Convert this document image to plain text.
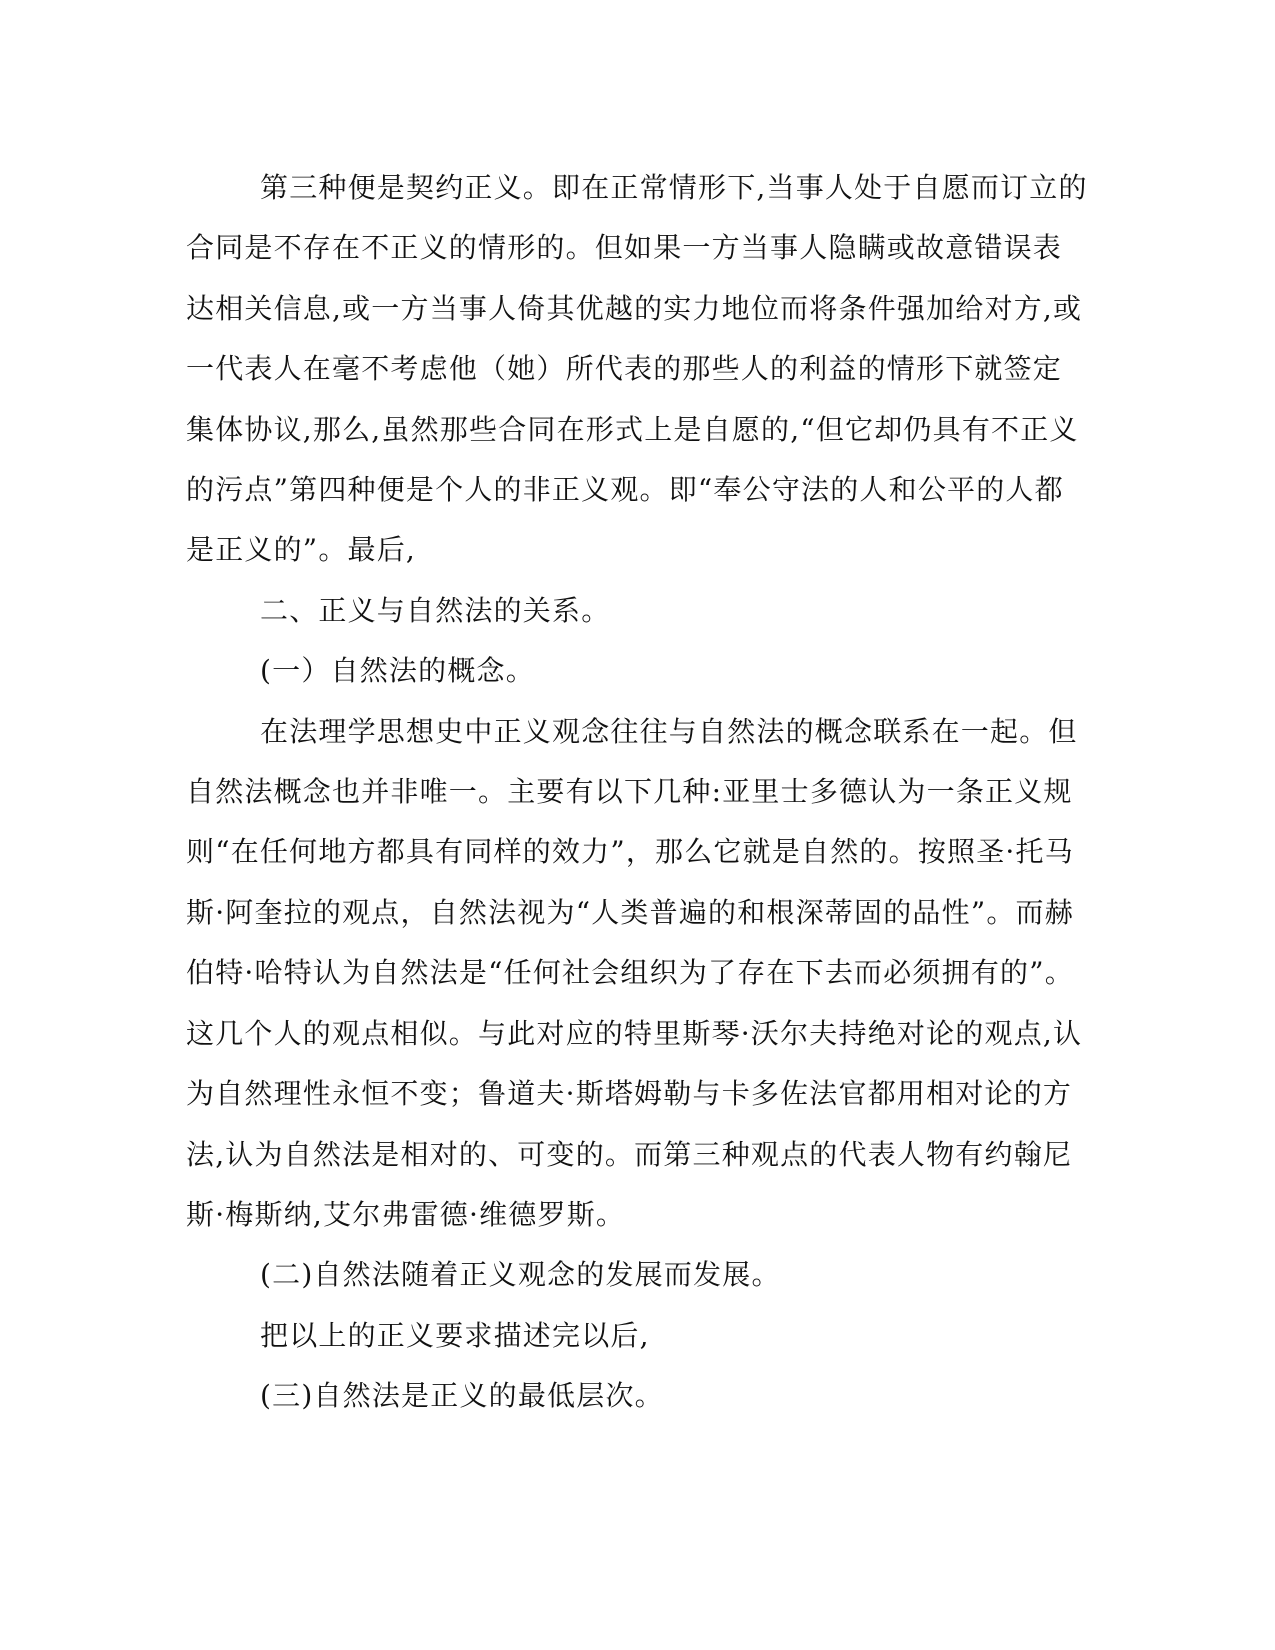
第三种便是契约正义。即在正常情形下,当事人处于自愿而订立的
合同是不存在不正义的情形的。但如果一方当事人隐瞒或故意错误表
达相关信息,或一方当事人倚其优越的实力地位而将条件强加给对方,或
一代表人在毫不考虑他（她）所代表的那些人的利益的情形下就签定
集体协议,那么,虽然那些合同在形式上是自愿的,“但它却仍具有不正义
的污点”第四种便是个人的非正义观。即“奉公守法的人和公平的人都
是正义的”。最后,
二、正义与自然法的关系。
(一）自然法的概念。
在法理学思想史中正义观念往往与自然法的概念联系在一起。但
自然法概念也并非唯一。主要有以下几种:亚里士多德认为一条正义规
则“在任何地方都具有同样的效力”，那么它就是自然的。按照圣·托马
斯·阿奎拉的观点，自然法视为“人类普遍的和根深蒂固的品性”。而赫
伯特·哈特认为自然法是“任何社会组织为了存在下去而必须拥有的”。
这几个人的观点相似。与此对应的特里斯琴·沃尔夫持绝对论的观点,认
为自然理性永恒不变；鲁道夫·斯塔姆勒与卡多佐法官都用相对论的方
法,认为自然法是相对的、可变的。而第三种观点的代表人物有约翰尼
斯·梅斯纳,艾尔弗雷德·维德罗斯。
(二)自然法随着正义观念的发展而发展。
把以上的正义要求描述完以后,
(三)自然法是正义的最低层次。
